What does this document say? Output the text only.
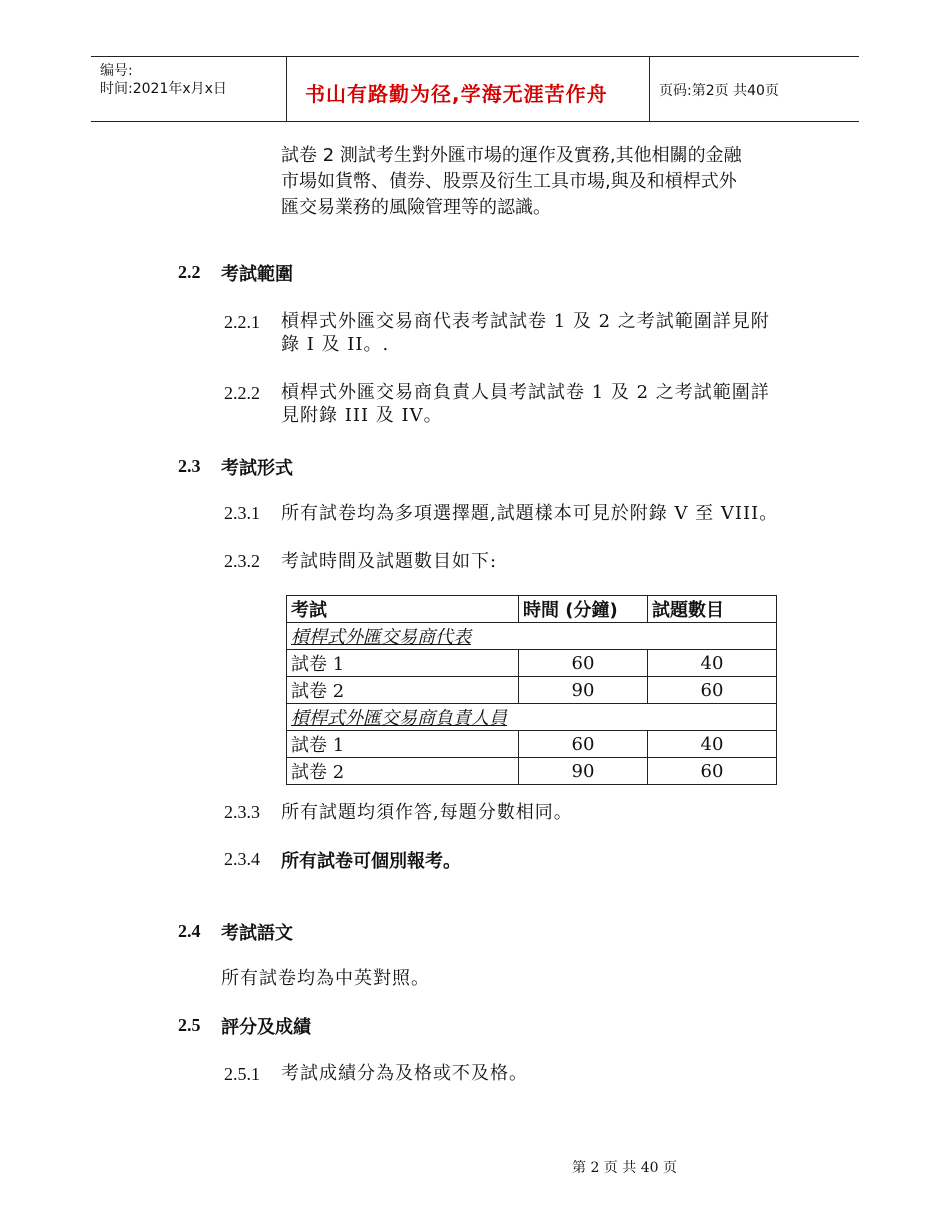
编号:
时间:2021年x月x日	书山有路勤为径,学海无涯苦作舟	页码:第2页 共40页
試卷 2 測試考生對外匯市場的運作及實務,其他相關的金融
市場如貨幣、債券、股票及衍生工具市場,與及和槓桿式外
匯交易業務的風險管理等的認識。
2.2 考試範圍
2.2.1 槓桿式外匯交易商代表考試試卷 1 及 2 之考試範圍詳見附
錄 I 及 II。.
2.2.2 槓桿式外匯交易商負責人員考試試卷 1 及 2 之考試範圍詳
見附錄 III 及 IV。
2.3 考試形式
2.3.1 所有試卷均為多項選擇題,試題樣本可見於附錄 V 至 VIII。
2.3.2 考試時間及試題數目如下:
考試	時間 (分鐘)	試題數目
槓桿式外匯交易商代表		
試卷 1	60	40
試卷 2	90	60
槓桿式外匯交易商負責人員		
試卷 1	60	40
試卷 2	90	60
2.3.3 所有試題均須作答,每題分數相同。
2.3.4 所有試卷可個別報考。
2.4 考試語文
所有試卷均為中英對照。
2.5 評分及成績
2.5.1 考試成績分為及格或不及格。
第 2 页 共 40 页
